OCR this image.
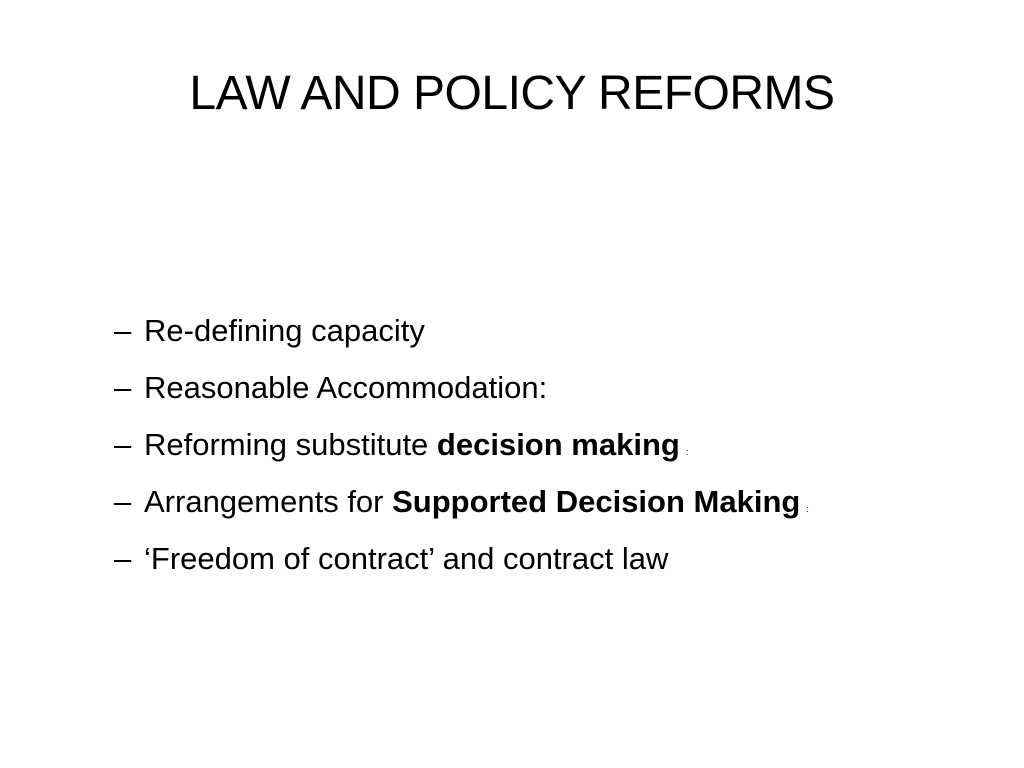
LAW AND POLICY REFORMS
– Re-defining capacity
– Reasonable Accommodation:
– Reforming substitute decision making :
– Arrangements for Supported Decision Making :
– ‘Freedom of contract’ and contract law
